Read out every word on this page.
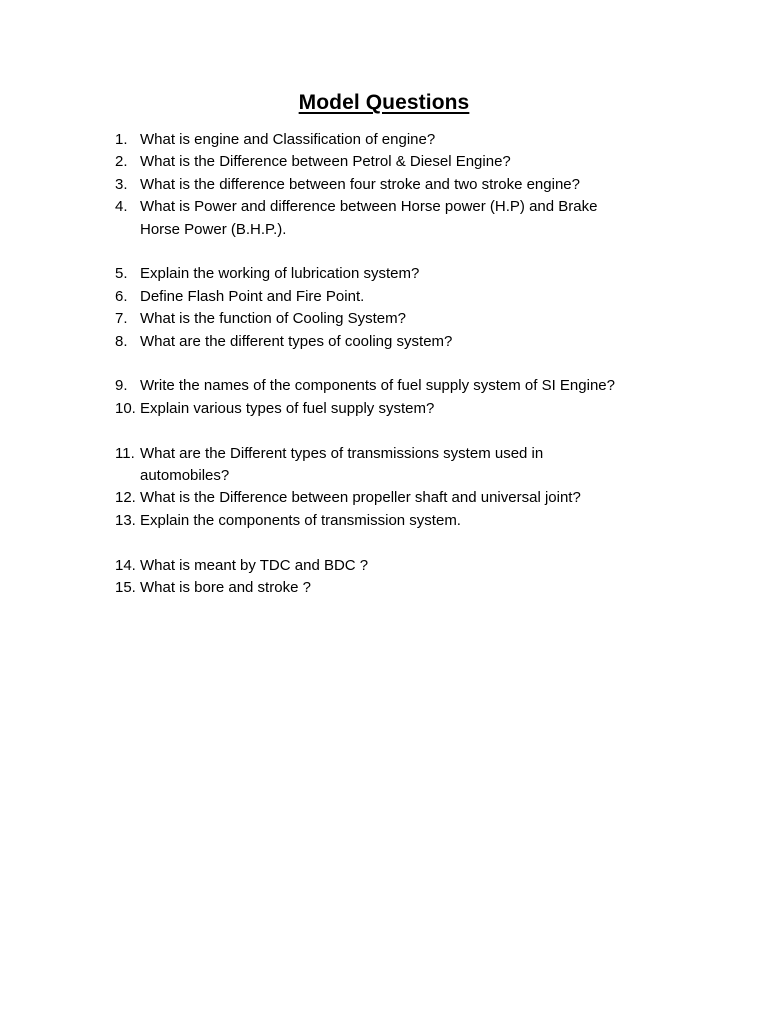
Model Questions
1. What is engine and Classification of engine?
2. What is the Difference between Petrol & Diesel Engine?
3. What is the difference between four stroke and two stroke engine?
4. What is Power and difference between Horse power (H.P) and Brake
Horse Power (B.H.P.).
5. Explain the working of lubrication system?
6. Define Flash Point and Fire Point.
7. What is the function of Cooling System?
8. What are the different types of cooling system?
9. Write the names of the components of fuel supply system of SI Engine?
10. Explain various types of fuel supply system?
11. What are the Different types of transmissions system used in
automobiles?
12. What is the Difference between propeller shaft and universal joint?
13. Explain the components of transmission system.
14. What is meant by TDC and BDC ?
15. What is bore and stroke ?
